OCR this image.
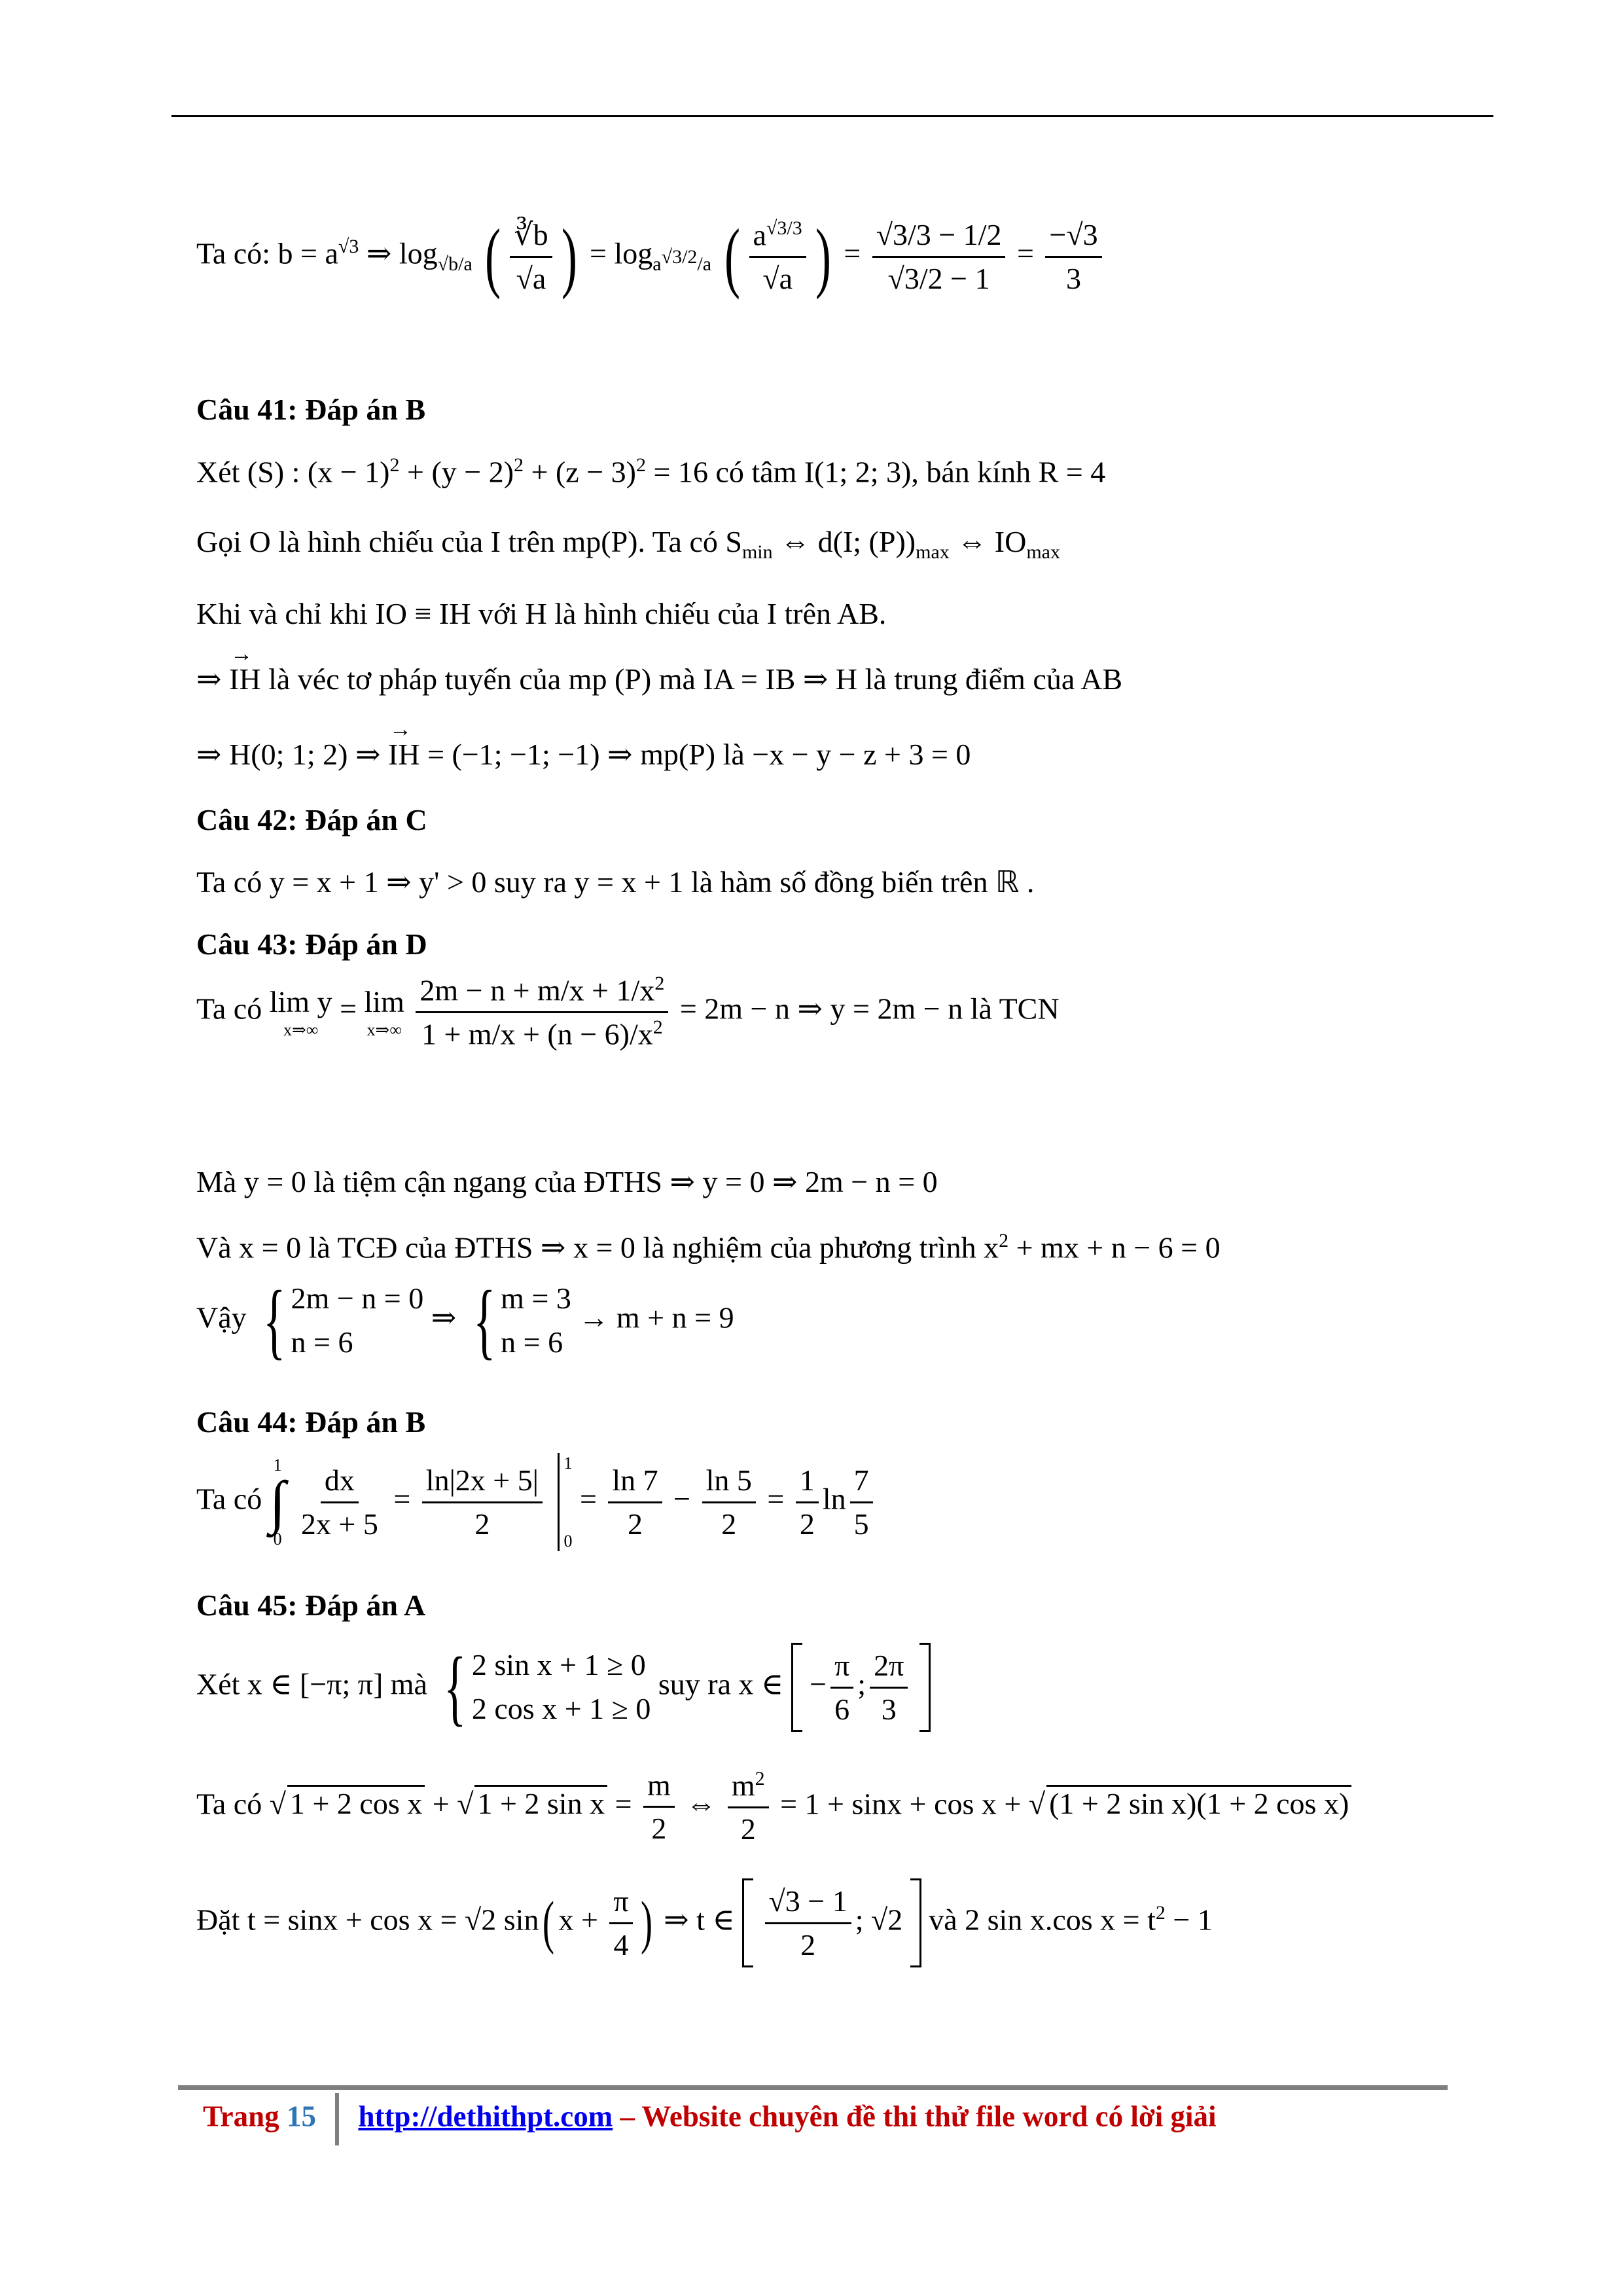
Ta có: $b = a^{√3}$ ⇒ $\log_{√b/a}$ ( $\frac{∛b}{√a}$ ) = $\log_{a^{√3/2}/a}$ ( $\frac{a^{√3/3}}{√a}$ ) = $\frac{√3/3 - 1/2}{√3/2 - 1} = \frac{-√3}{3}$
Câu 41: Đáp án B
Xét (S) : $(x - 1)^2 + (y - 2)^2 + (z - 3)^2 = 16$ có tâm I(1; 2; 3), bán kính R = 4
Gọi O là hình chiếu của I trên mp(P). Ta có $S_{min}$ ⇔ d(I; $(P))_{max}$ ⇔ $IO_{max}$
Khi và chỉ khi IO ≡ IH với H là hình chiếu của I trên AB.
⇒ IH → là véc tơ pháp tuyến của mp (P) mà IA = IB ⇒ H là trung điểm của AB
⇒ H(0; 1; 2) ⇒ IH → = (−1; −1; −1) ⇒ mp(P) là −x − y − z + 3 = 0
Câu 42: Đáp án C
Ta có y = x + 1 ⇒ y' > 0 suy ra y = x + 1 là hàm số đồng biến trên ℝ .
Câu 43: Đáp án D
Ta có lim y
x⇒∞
= lim
x⇒∞
$\frac{2m - n + m/x + 1/x^2}{1 + m/x + (n - 6)/x^2} = 2m - n$ ⇒ y = 2m − n là TCN
Mà y = 0 là tiệm cận ngang của ĐTHS ⇒ y = 0 ⇒ 2m − n = 0
Và x = 0 là TCĐ của ĐTHS ⇒ x = 0 là nghiệm của phương trình $x^2$ + mx + n − 6 = 0
Vậy { 2m − n = 0
n = 6
⇒ { m = 3
n = 6
→ m + n = 9
Câu 44: Đáp án B
Ta có
1
∫
0
$\frac{dx}{2x + 5} = \frac{\ln|2x + 5|}{2}$
1
0
= $\frac{\ln 7}{2} - \frac{\ln 5}{2} = \frac{1}{2}$ $\ln \frac{7}{5}$
Câu 45: Đáp án A
Xét x ∈ [−π; π] mà { 2 sin x + 1 ≥ 0
2 cos x + 1 ≥ 0
suy ra x ∈  − $\frac{\pi}{6}$ ; $\frac{2\pi}{3}$

Ta có √ 1 + 2 cos x + √ 1 + 2 $\sin x = \frac{m}{2}$ ⇔ $\frac{m^2}{2} = 1 + \sin x + \cos x$ + √ (1 + 2 sin x)(1 + 2 cos x)
Đặt t = sinx + cos x = √2 sin( $x + \frac{\pi}{4}$ ) ⇒ t ∈ $\frac{√3 - 1}{2}$ ; √2  và 2 sin x.cos $x = t^2 - 1$
Trang 15 http://dethithpt.com – Website chuyên đề thi thử file word có lời giải
